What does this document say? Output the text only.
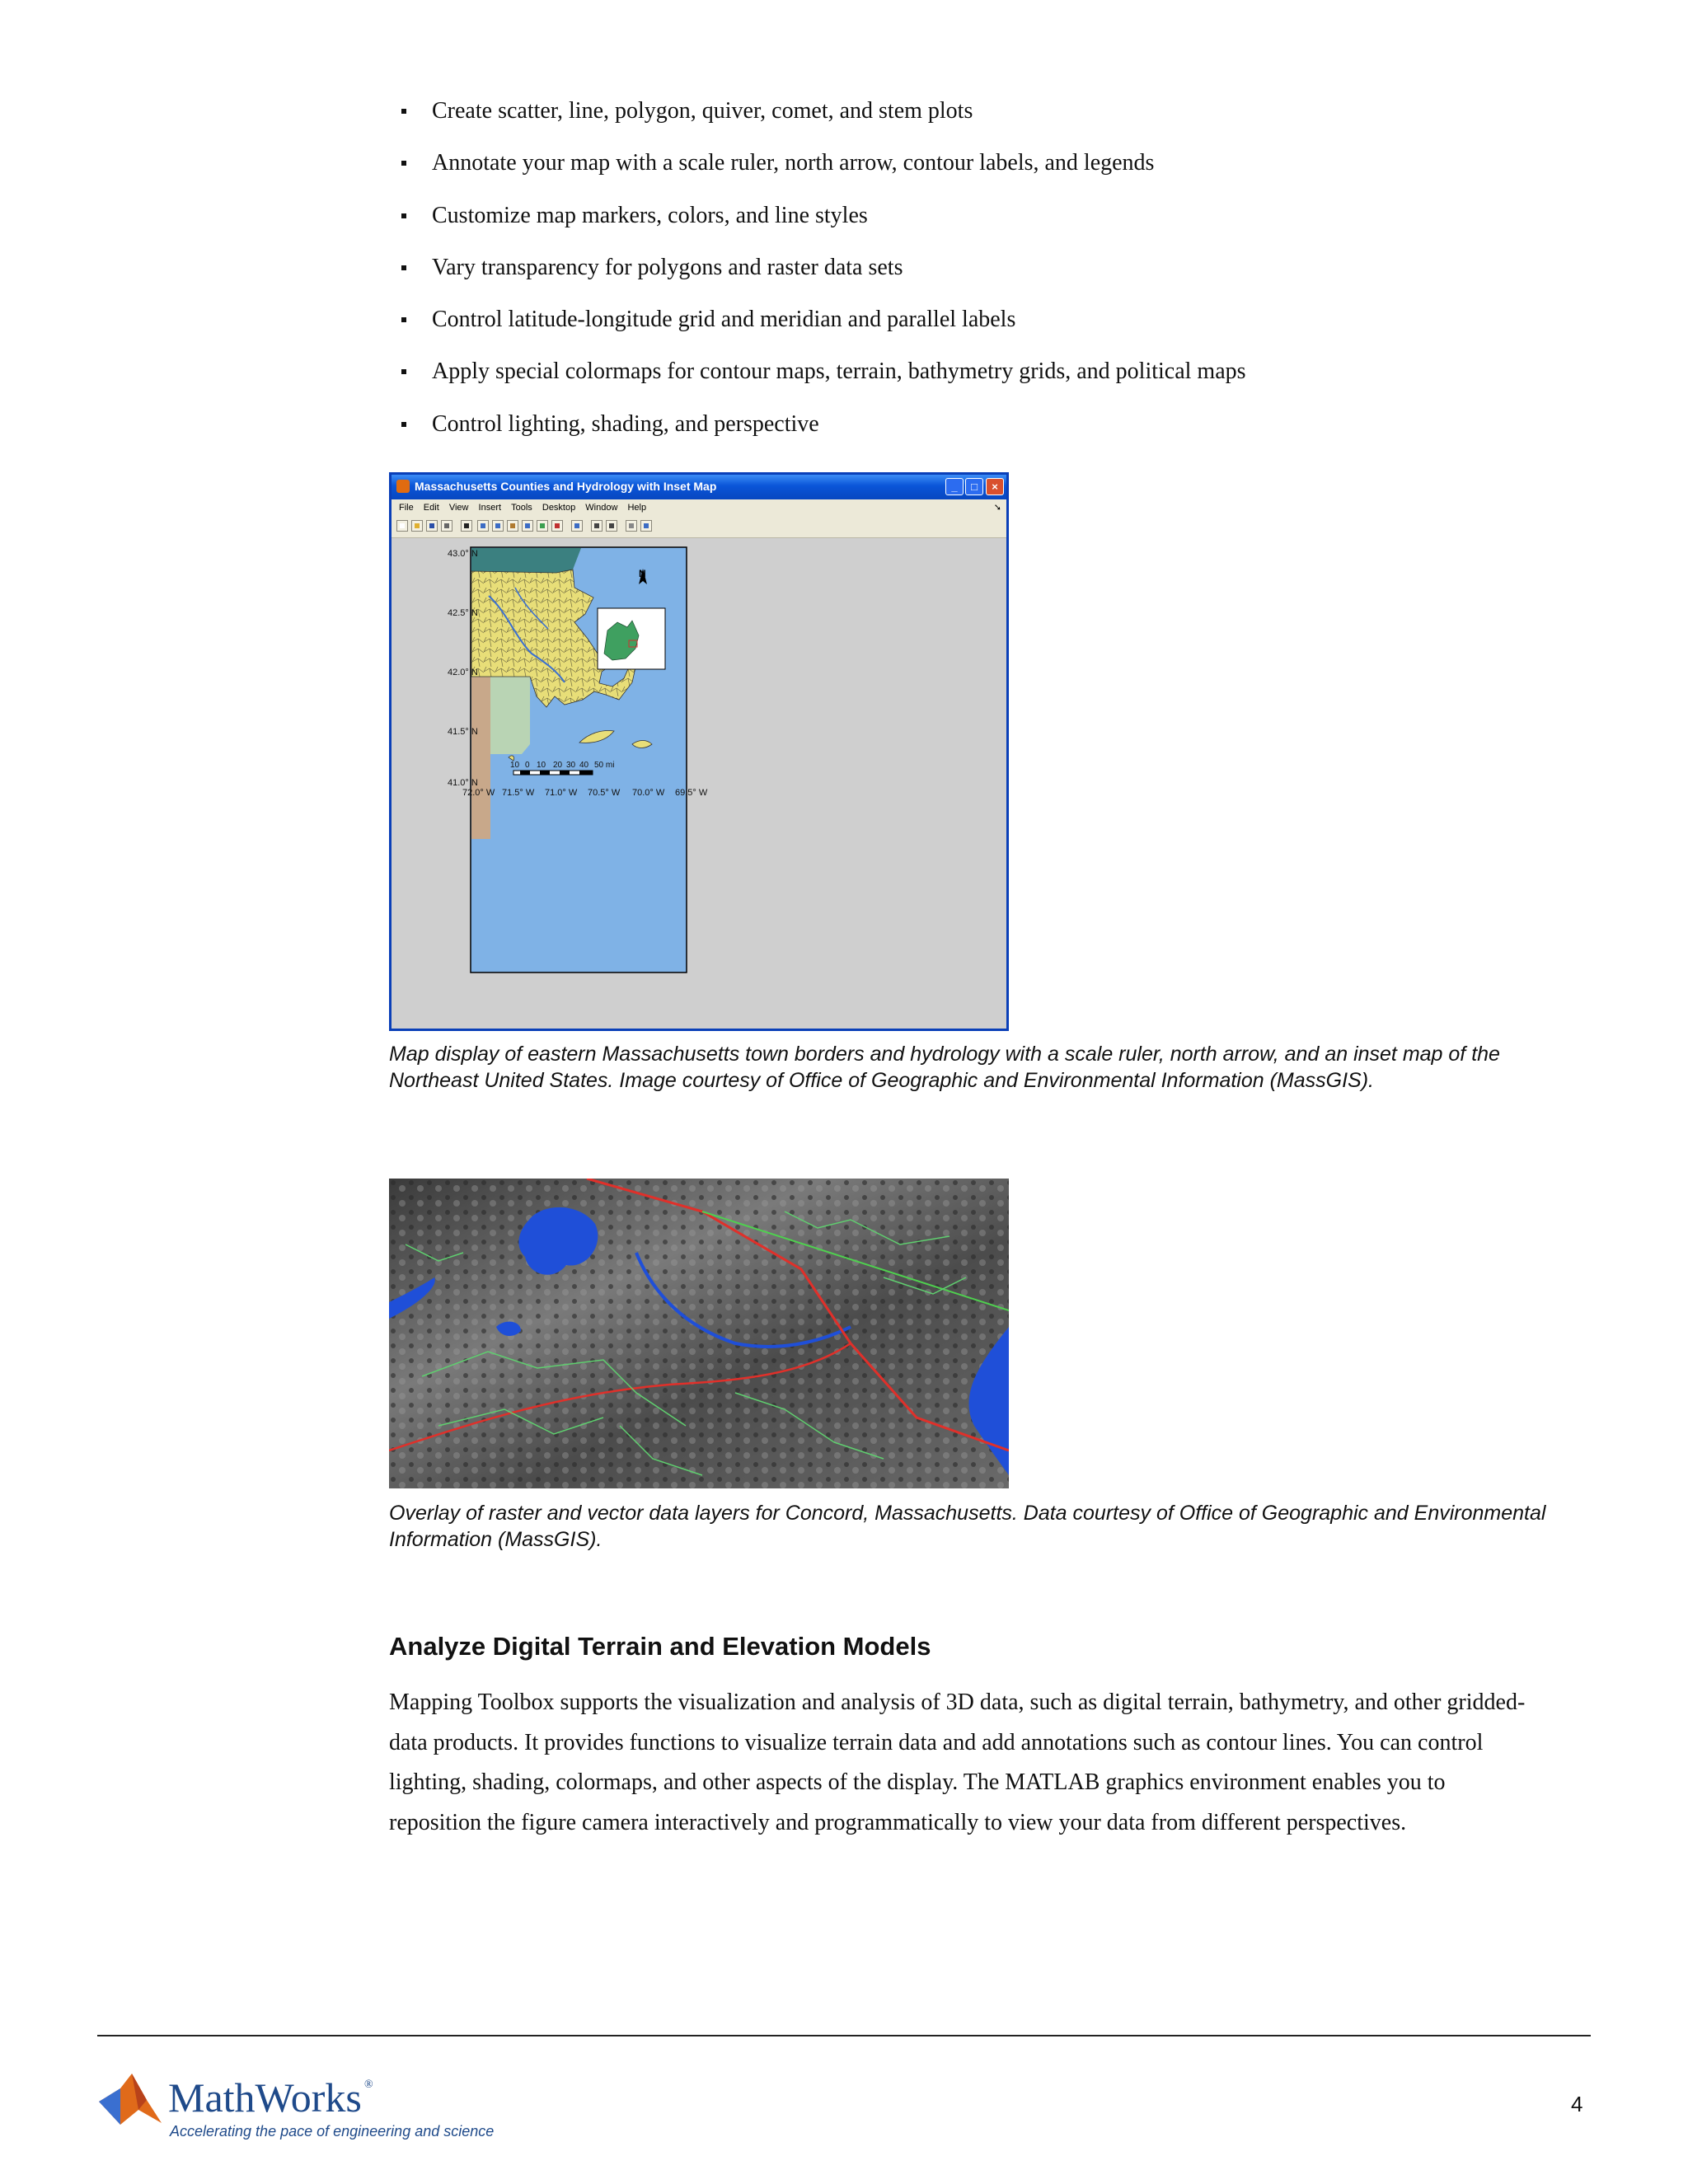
Create scatter, line, polygon, quiver, comet, and stem plots
Annotate your map with a scale ruler, north arrow, contour labels, and legends
Customize map markers, colors, and line styles
Vary transparency for polygons and raster data sets
Control latitude-longitude grid and meridian and parallel labels
Apply special colormaps for contour maps, terrain, bathymetry grids, and political maps
Control lighting, shading, and perspective
Massachusetts Counties and Hydrology with Inset Map	_	□	×
File Edit View Insert Tools Desktop Window Help	➘
N
43.0° N
42.5° N
42.0° N
41.5° N
41.0° N
72.0° W 71.5° W 71.0° W 70.5° W 70.0° W 69.5° W
10 0 10 20 30 40 50 mi

Map display of eastern Massachusetts town borders and hydrology with a scale ruler, north arrow, and an inset map of the Northeast United States. Image courtesy of Office of Geographic and Environmental Information (MassGIS).

Overlay of raster and vector data layers for Concord, Massachusetts. Data courtesy of Office of Geographic and Environmental Information (MassGIS).

Analyze Digital Terrain and Elevation Models

Mapping Toolbox supports the visualization and analysis of 3D data, such as digital terrain, bathymetry, and other gridded-data products. It provides functions to visualize terrain data and add annotations such as contour lines. You can control lighting, shading, colormaps, and other aspects of the display. The MATLAB graphics environment enables you to reposition the figure camera interactively and programmatically to view your data from different perspectives.

MathWorks ®
Accelerating the pace of engineering and science
4
